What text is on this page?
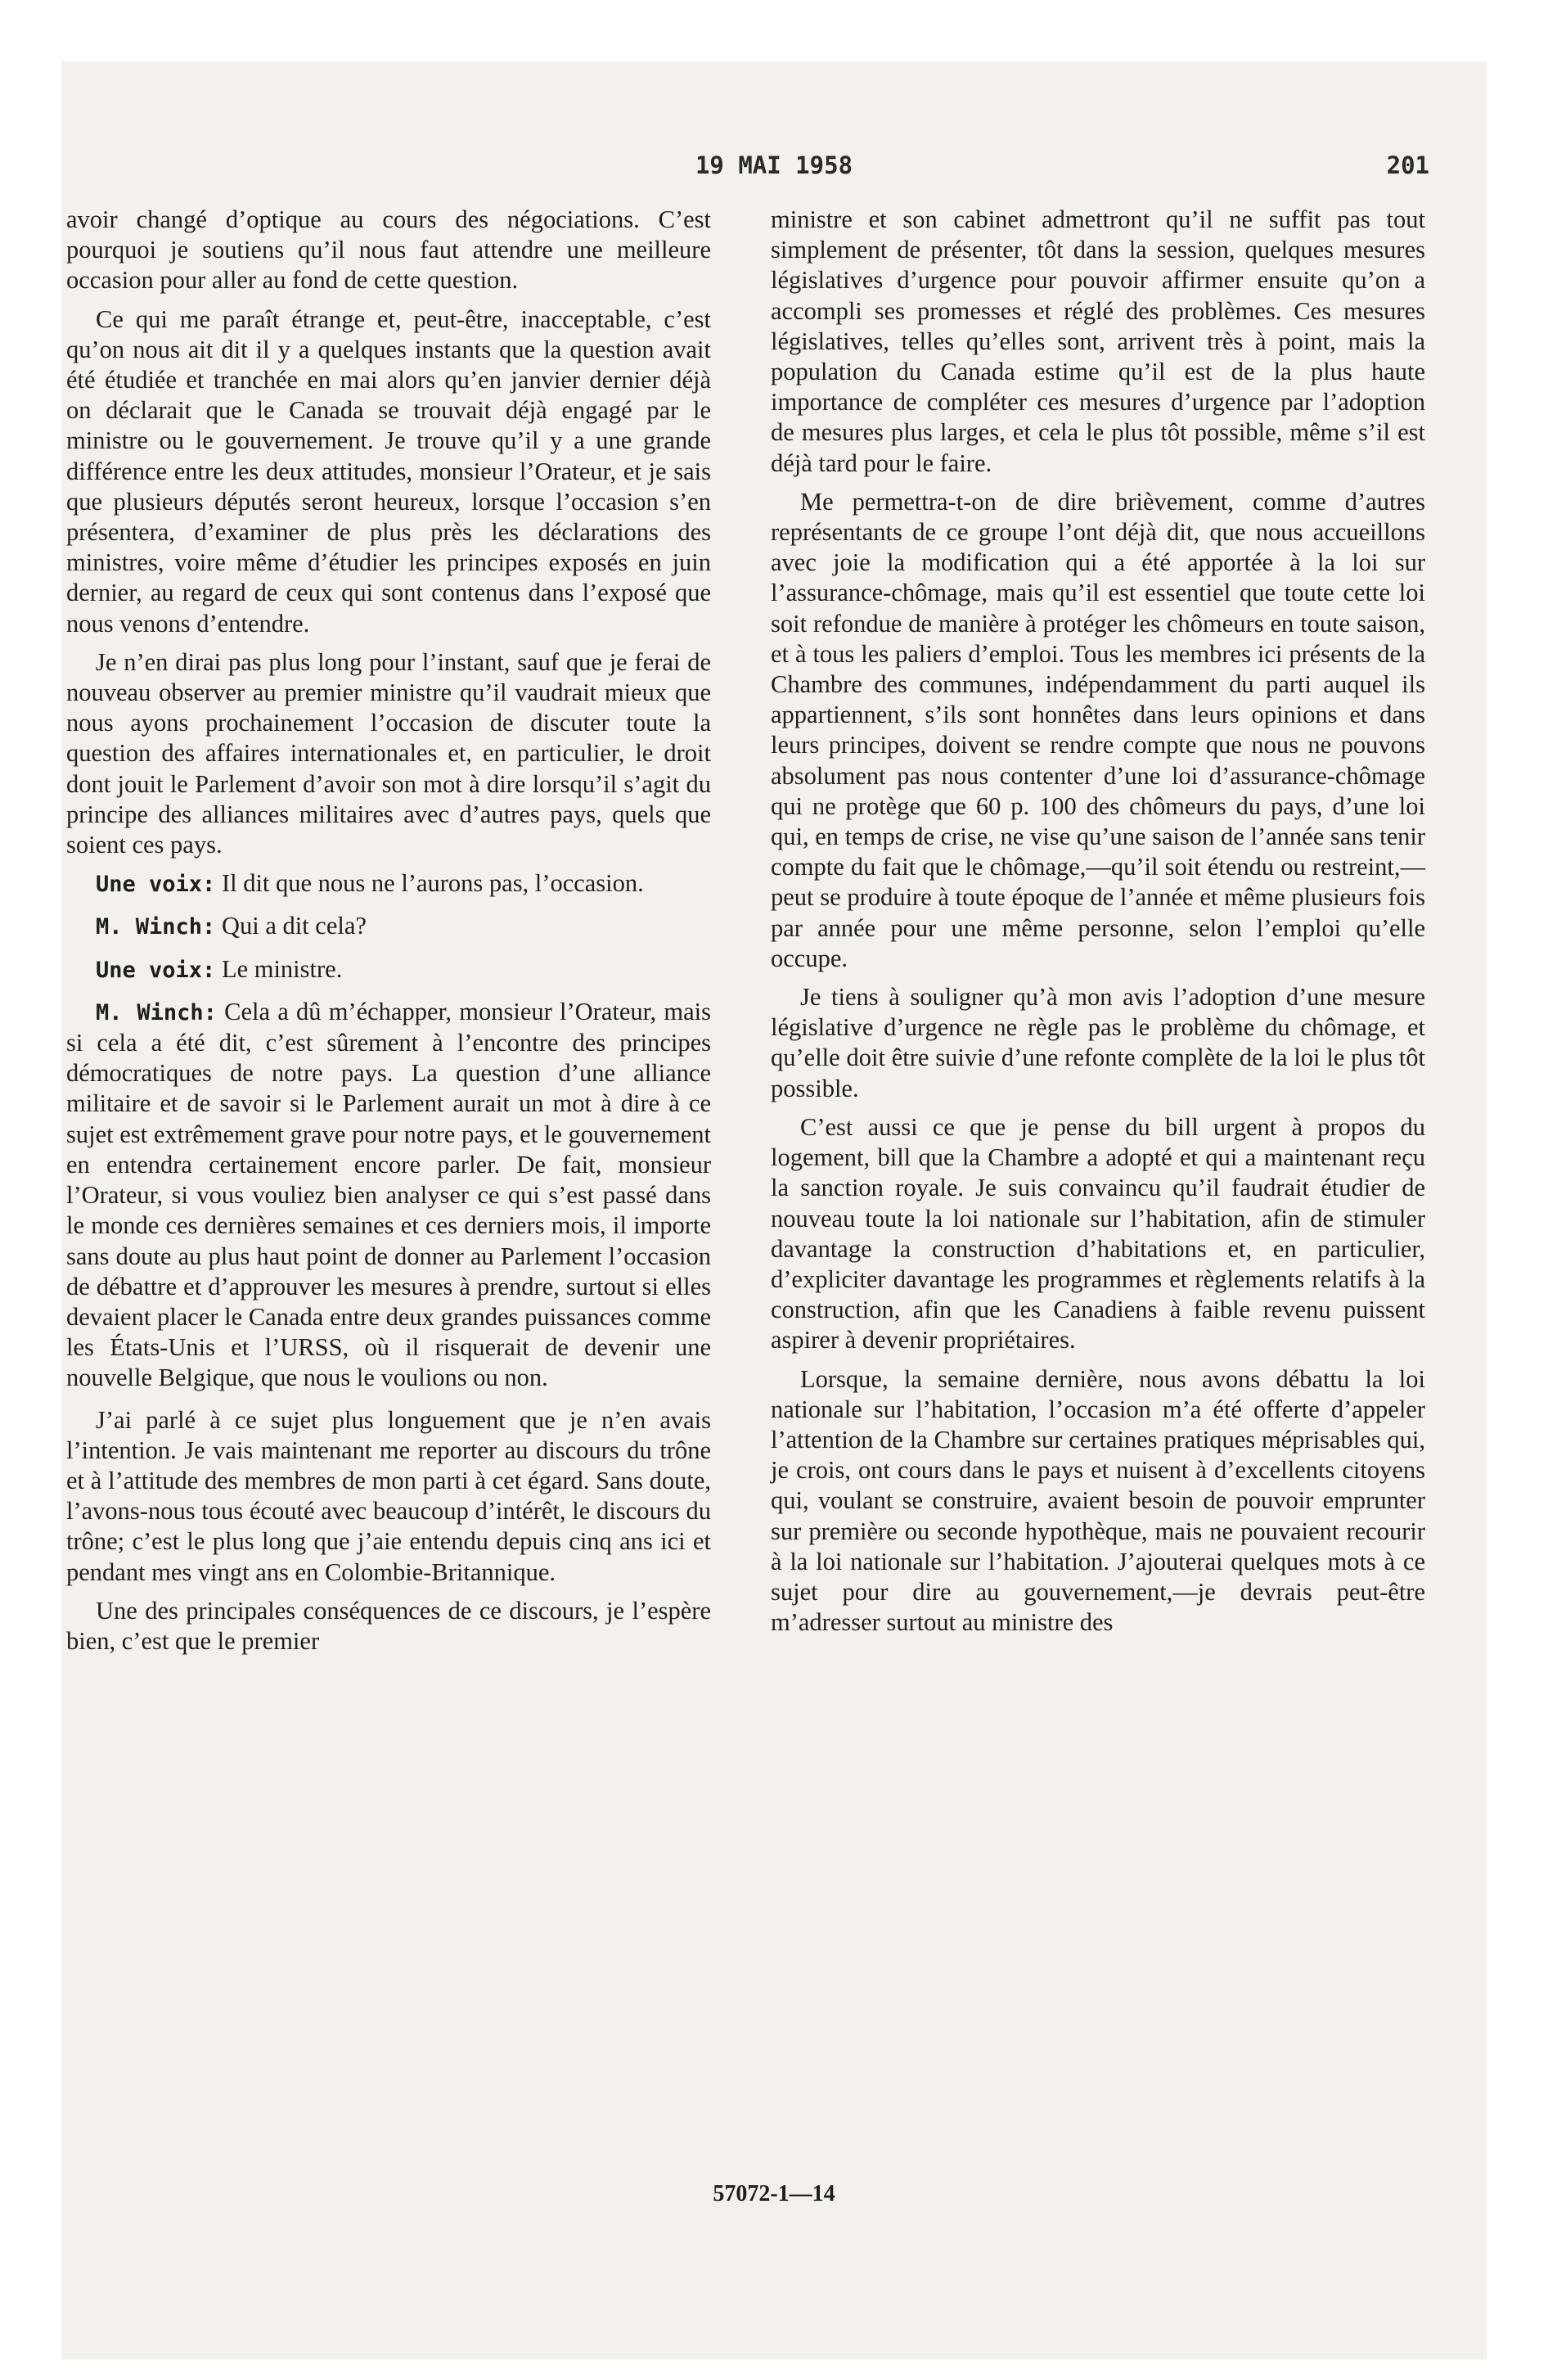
19 MAI 1958	201

avoir changé d’optique au cours des négociations. C’est pourquoi je soutiens qu’il nous faut attendre une meilleure occasion pour aller au fond de cette question.

Ce qui me paraît étrange et, peut-être, inacceptable, c’est qu’on nous ait dit il y a quelques instants que la question avait été étudiée et tranchée en mai alors qu’en janvier dernier déjà on déclarait que le Canada se trouvait déjà engagé par le ministre ou le gouvernement. Je trouve qu’il y a une grande différence entre les deux attitudes, monsieur l’Orateur, et je sais que plusieurs députés seront heureux, lorsque l’occasion s’en présentera, d’examiner de plus près les déclarations des ministres, voire même d’étudier les principes exposés en juin dernier, au regard de ceux qui sont contenus dans l’exposé que nous venons d’entendre.

Je n’en dirai pas plus long pour l’instant, sauf que je ferai de nouveau observer au premier ministre qu’il vaudrait mieux que nous ayons prochainement l’occasion de discuter toute la question des affaires internationales et, en particulier, le droit dont jouit le Parlement d’avoir son mot à dire lorsqu’il s’agit du principe des alliances militaires avec d’autres pays, quels que soient ces pays.

Une voix: Il dit que nous ne l’aurons pas, l’occasion.

M. Winch: Qui a dit cela?

Une voix: Le ministre.

M. Winch: Cela a dû m’échapper, monsieur l’Orateur, mais si cela a été dit, c’est sûrement à l’encontre des principes démocratiques de notre pays. La question d’une alliance militaire et de savoir si le Parlement aurait un mot à dire à ce sujet est extrêmement grave pour notre pays, et le gouvernement en entendra certainement encore parler. De fait, monsieur l’Orateur, si vous vouliez bien analyser ce qui s’est passé dans le monde ces dernières semaines et ces derniers mois, il importe sans doute au plus haut point de donner au Parlement l’occasion de débattre et d’approuver les mesures à prendre, surtout si elles devaient placer le Canada entre deux grandes puissances comme les États-Unis et l’URSS, où il risquerait de devenir une nouvelle Belgique, que nous le voulions ou non.

J’ai parlé à ce sujet plus longuement que je n’en avais l’intention. Je vais maintenant me reporter au discours du trône et à l’attitude des membres de mon parti à cet égard. Sans doute, l’avons-nous tous écouté avec beaucoup d’intérêt, le discours du trône; c’est le plus long que j’aie entendu depuis cinq ans ici et pendant mes vingt ans en Colombie-Britannique.

Une des principales conséquences de ce discours, je l’espère bien, c’est que le premier

ministre et son cabinet admettront qu’il ne suffit pas tout simplement de présenter, tôt dans la session, quelques mesures législatives d’urgence pour pouvoir affirmer ensuite qu’on a accompli ses promesses et réglé des problèmes. Ces mesures législatives, telles qu’elles sont, arrivent très à point, mais la population du Canada estime qu’il est de la plus haute importance de compléter ces mesures d’urgence par l’adoption de mesures plus larges, et cela le plus tôt possible, même s’il est déjà tard pour le faire.

Me permettra-t-on de dire brièvement, comme d’autres représentants de ce groupe l’ont déjà dit, que nous accueillons avec joie la modification qui a été apportée à la loi sur l’assurance-chômage, mais qu’il est essentiel que toute cette loi soit refondue de manière à protéger les chômeurs en toute saison, et à tous les paliers d’emploi. Tous les membres ici présents de la Chambre des communes, indépendamment du parti auquel ils appartiennent, s’ils sont honnêtes dans leurs opinions et dans leurs principes, doivent se rendre compte que nous ne pouvons absolument pas nous contenter d’une loi d’assurance-chômage qui ne protège que 60 p. 100 des chômeurs du pays, d’une loi qui, en temps de crise, ne vise qu’une saison de l’année sans tenir compte du fait que le chômage,—qu’il soit étendu ou restreint,—peut se produire à toute époque de l’année et même plusieurs fois par année pour une même personne, selon l’emploi qu’elle occupe.

Je tiens à souligner qu’à mon avis l’adoption d’une mesure législative d’urgence ne règle pas le problème du chômage, et qu’elle doit être suivie d’une refonte complète de la loi le plus tôt possible.

C’est aussi ce que je pense du bill urgent à propos du logement, bill que la Chambre a adopté et qui a maintenant reçu la sanction royale. Je suis convaincu qu’il faudrait étudier de nouveau toute la loi nationale sur l’habitation, afin de stimuler davantage la construction d’habitations et, en particulier, d’expliciter davantage les programmes et règlements relatifs à la construction, afin que les Canadiens à faible revenu puissent aspirer à devenir propriétaires.

Lorsque, la semaine dernière, nous avons débattu la loi nationale sur l’habitation, l’occasion m’a été offerte d’appeler l’attention de la Chambre sur certaines pratiques méprisables qui, je crois, ont cours dans le pays et nuisent à d’excellents citoyens qui, voulant se construire, avaient besoin de pouvoir emprunter sur première ou seconde hypothèque, mais ne pouvaient recourir à la loi nationale sur l’habitation. J’ajouterai quelques mots à ce sujet pour dire au gouvernement,—je devrais peut-être m’adresser surtout au ministre des

57072-1—14
